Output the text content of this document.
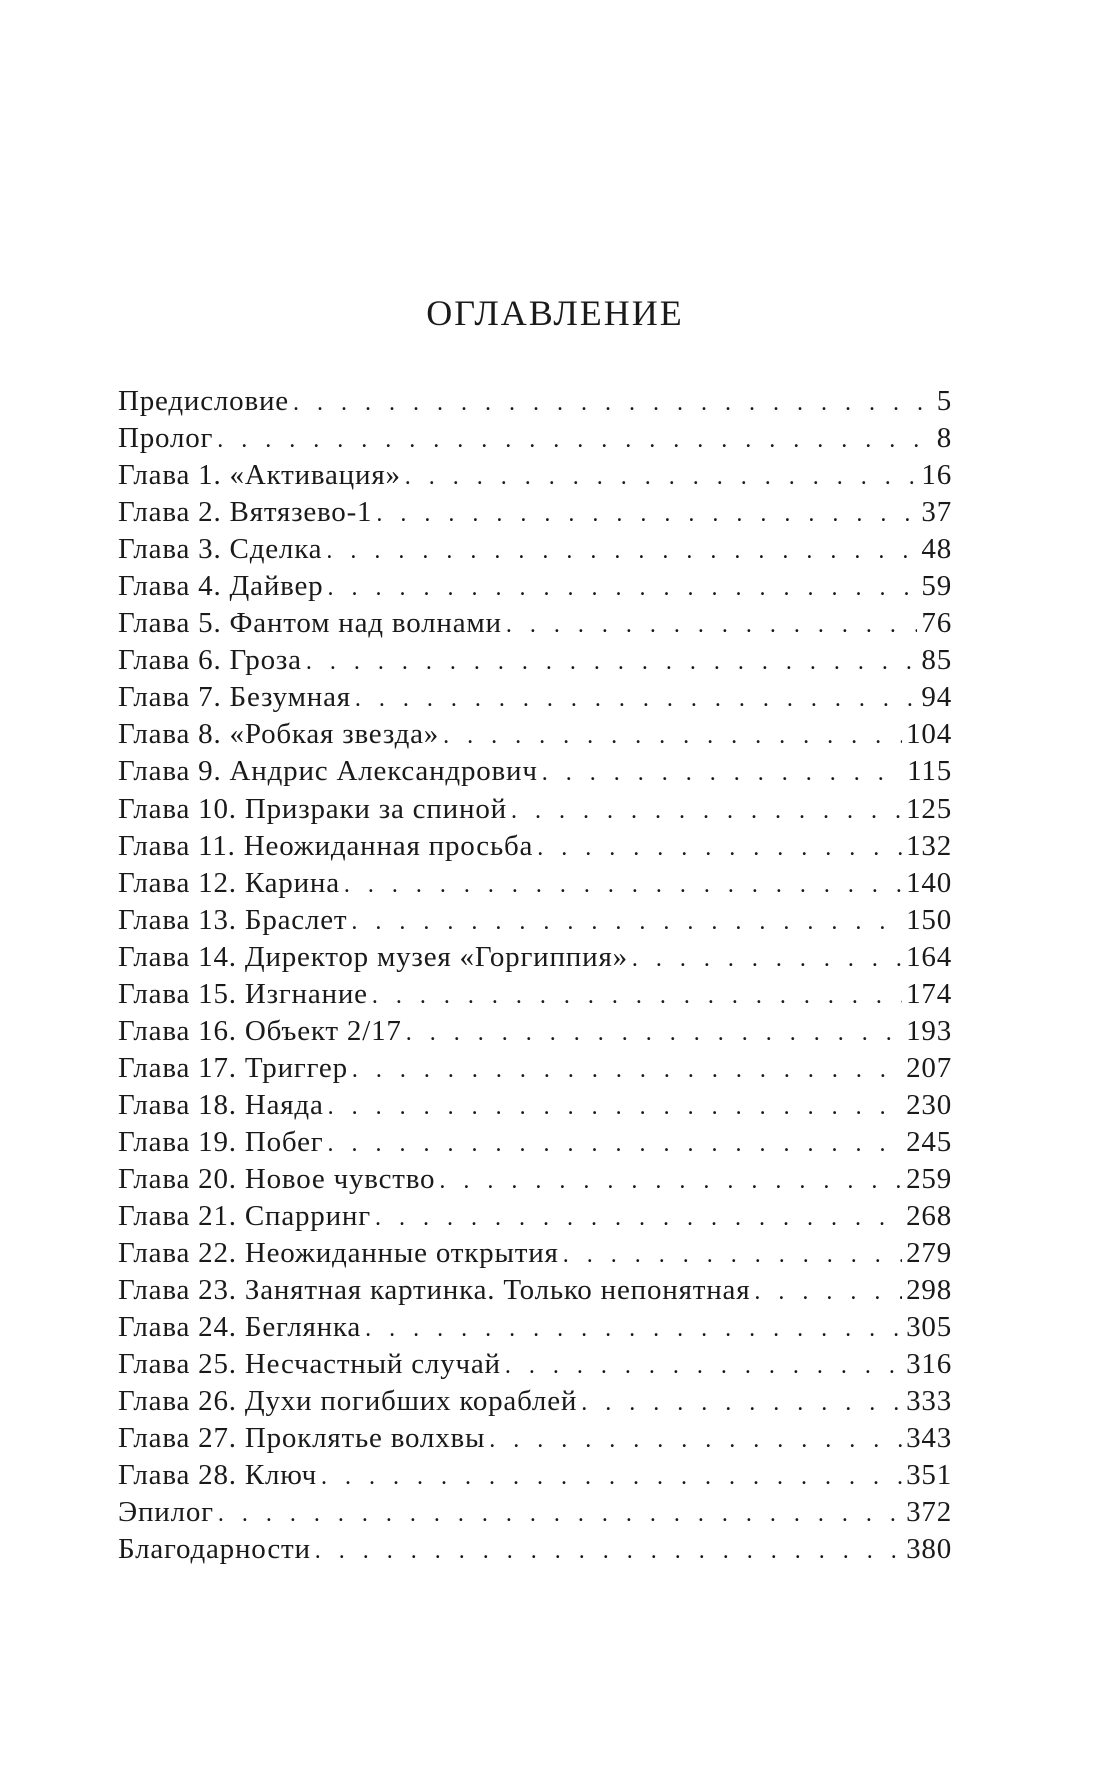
ОГЛАВЛЕНИЕ
Предисловие . . .	5
Пролог . . .	8
Глава 1. «Активация» . . .	16
Глава 2. Вятязево-1 . . .	37
Глава 3. Сделка . . .	48
Глава 4. Дайвер . . .	59
Глава 5. Фантом над волнами . . .	76
Глава 6. Гроза . . .	85
Глава 7. Безумная . . .	94
Глава 8. «Робкая звезда» . . .	104
Глава 9. Андрис Александрович . . .	115
Глава 10. Призраки за спиной . . .	125
Глава 11. Неожиданная просьба . . .	132
Глава 12. Карина . . .	140
Глава 13. Браслет . . .	150
Глава 14. Директор музея «Горгиппия» . . .	164
Глава 15. Изгнание . . .	174
Глава 16. Объект 2/17 . . .	193
Глава 17. Триггер . . .	207
Глава 18. Наяда . . .	230
Глава 19. Побег . . .	245
Глава 20. Новое чувство . . .	259
Глава 21. Спарринг . . .	268
Глава 22. Неожиданные открытия . . .	279
Глава 23. Занятная картинка. Только непонятная . . .	298
Глава 24. Беглянка . . .	305
Глава 25. Несчастный случай . . .	316
Глава 26. Духи погибших кораблей . . .	333
Глава 27. Проклятье волхвы . . .	343
Глава 28. Ключ . . .	351
Эпилог . . .	372
Благодарности . . .	380
